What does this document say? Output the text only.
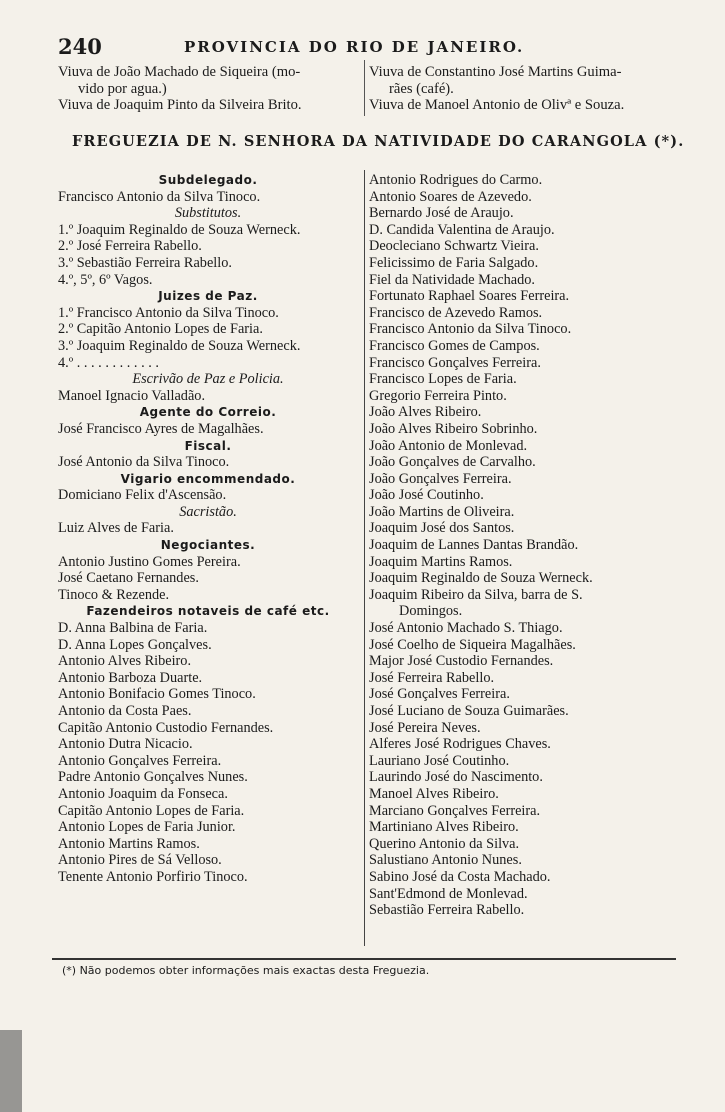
240	PROVINCIA DO RIO DE JANEIRO.
Viuva de João Machado de Siqueira (mo-
vido por agua.)
Viuva de Joaquim Pinto da Silveira Brito.
Viuva de Constantino José Martins Guima-
rães (café).
Viuva de Manoel Antonio de Olivª e Souza.
FREGUEZIA DE N. SENHORA DA NATIVIDADE DO CARANGOLA (*).
Subdelegado.
Francisco Antonio da Silva Tinoco.
Substitutos.
1.º Joaquim Reginaldo de Souza Werneck.
2.º José Ferreira Rabello.
3.º Sebastião Ferreira Rabello.
4.º, 5º, 6º Vagos.
Juizes de Paz.
1.º Francisco Antonio da Silva Tinoco.
2.º Capitão Antonio Lopes de Faria.
3.º Joaquim Reginaldo de Souza Werneck.
4.º . . . . . . . . . . . .
Escrivão de Paz e Policia.
Manoel Ignacio Valladão.
Agente do Correio.
José Francisco Ayres de Magalhães.
Fiscal.
José Antonio da Silva Tinoco.
Vigario encommendado.
Domiciano Felix d'Ascensão.
Sacristão.
Luiz Alves de Faria.
Negociantes.
Antonio Justino Gomes Pereira.
José Caetano Fernandes.
Tinoco & Rezende.
Fazendeiros notaveis de café etc.
D. Anna Balbina de Faria.
D. Anna Lopes Gonçalves.
Antonio Alves Ribeiro.
Antonio Barboza Duarte.
Antonio Bonifacio Gomes Tinoco.
Antonio da Costa Paes.
Capitão Antonio Custodio Fernandes.
Antonio Dutra Nicacio.
Antonio Gonçalves Ferreira.
Padre Antonio Gonçalves Nunes.
Antonio Joaquim da Fonseca.
Capitão Antonio Lopes de Faria.
Antonio Lopes de Faria Junior.
Antonio Martins Ramos.
Antonio Pires de Sá Velloso.
Tenente Antonio Porfirio Tinoco.
Antonio Rodrigues do Carmo.
Antonio Soares de Azevedo.
Bernardo José de Araujo.
D. Candida Valentina de Araujo.
Deocleciano Schwartz Vieira.
Felicissimo de Faria Salgado.
Fiel da Natividade Machado.
Fortunato Raphael Soares Ferreira.
Francisco de Azevedo Ramos.
Francisco Antonio da Silva Tinoco.
Francisco Gomes de Campos.
Francisco Gonçalves Ferreira.
Francisco Lopes de Faria.
Gregorio Ferreira Pinto.
João Alves Ribeiro.
João Alves Ribeiro Sobrinho.
João Antonio de Monlevad.
João Gonçalves de Carvalho.
João Gonçalves Ferreira.
João José Coutinho.
João Martins de Oliveira.
Joaquim José dos Santos.
Joaquim de Lannes Dantas Brandão.
Joaquim Martins Ramos.
Joaquim Reginaldo de Souza Werneck.
Joaquim Ribeiro da Silva, barra de S.
Domingos.
José Antonio Machado S. Thiago.
José Coelho de Siqueira Magalhães.
Major José Custodio Fernandes.
José Ferreira Rabello.
José Gonçalves Ferreira.
José Luciano de Souza Guimarães.
José Pereira Neves.
Alferes José Rodrigues Chaves.
Lauriano José Coutinho.
Laurindo José do Nascimento.
Manoel Alves Ribeiro.
Marciano Gonçalves Ferreira.
Martiniano Alves Ribeiro.
Querino Antonio da Silva.
Salustiano Antonio Nunes.
Sabino José da Costa Machado.
Sant'Edmond de Monlevad.
Sebastião Ferreira Rabello.
(*) Não podemos obter informações mais exactas desta Freguezia.
